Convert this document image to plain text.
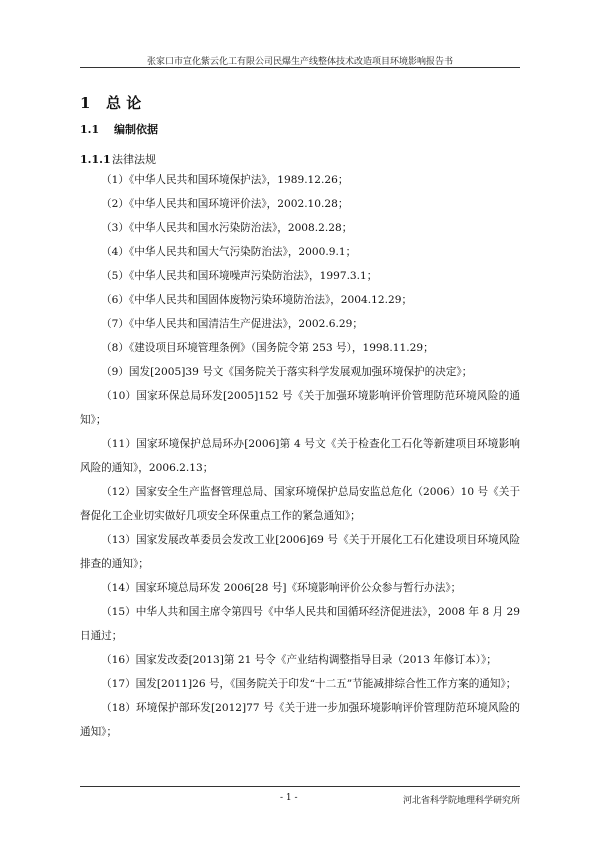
张家口市宣化紫云化工有限公司民爆生产线整体技术改造项目环境影响报告书
1 总 论
1.1 编制依据
1.1.1法律法规
（1）《中华人民共和国环境保护法》，1989.12.26；
（2）《中华人民共和国环境评价法》，2002.10.28；
（3）《中华人民共和国水污染防治法》，2008.2.28；
（4）《中华人民共和国大气污染防治法》，2000.9.1；
（5）《中华人民共和国环境噪声污染防治法》，1997.3.1；
（6）《中华人民共和国固体废物污染环境防治法》，2004.12.29；
（7）《中华人民共和国清洁生产促进法》，2002.6.29；
（8）《建设项目环境管理条例》（国务院令第 253 号），1998.11.29；
（9）国发[2005]39 号文《国务院关于落实科学发展观加强环境保护的决定》；
（10）国家环保总局环发[2005]152 号《关于加强环境影响评价管理防范环境风险的通知》；
（11）国家环境保护总局环办[2006]第 4 号文《关于检查化工石化等新建项目环境影响风险的通知》，2006.2.13；
（12）国家安全生产监督管理总局、国家环境保护总局安监总危化（2006）10 号《关于督促化工企业切实做好几项安全环保重点工作的紧急通知》；
（13）国家发展改革委员会发改工业[2006]69 号《关于开展化工石化建设项目环境风险排查的通知》；
（14）国家环境总局环发 2006[28 号]《环境影响评价公众参与暂行办法》；
（15）中华人共和国主席令第四号《中华人民共和国循环经济促进法》，2008 年 8 月 29 日通过；
（16）国家发改委[2013]第 21 号令《产业结构调整指导目录（2013 年修订本）》；
（17）国发[2011]26 号，《国务院关于印发“十二五”节能减排综合性工作方案的通知》；
（18）环境保护部环发[2012]77 号《关于进一步加强环境影响评价管理防范环境风险的通知》；
- 1 -	河北省科学院地理科学研究所
